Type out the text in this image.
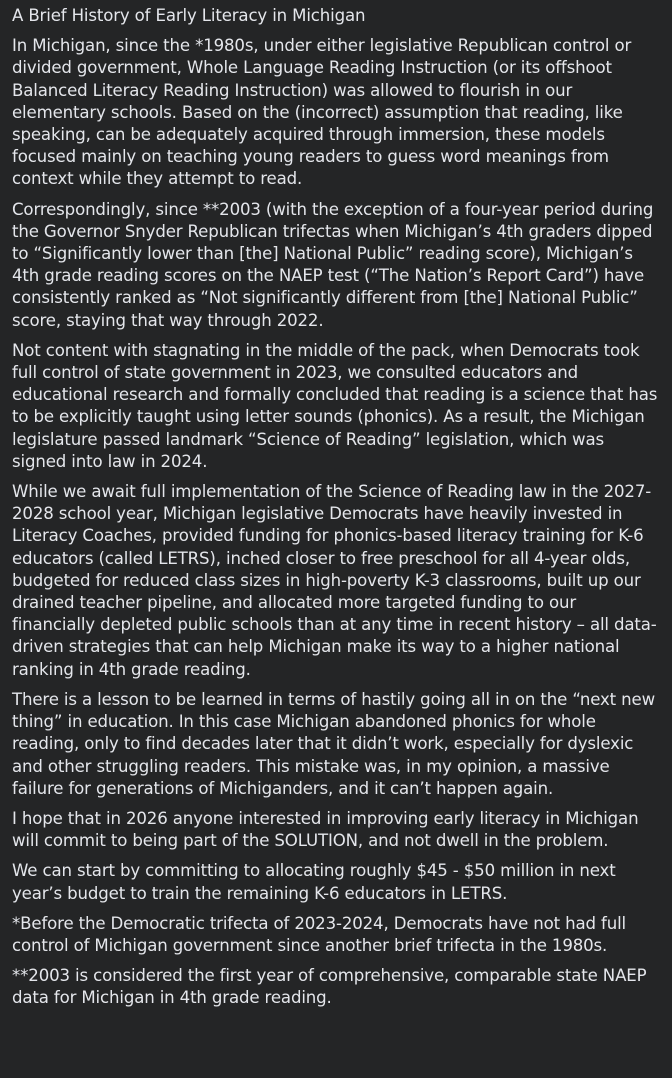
A Brief History of Early Literacy in Michigan
In Michigan, since the *1980s, under either legislative Republican control or divided government, Whole Language Reading Instruction (or its offshoot Balanced Literacy Reading Instruction) was allowed to flourish in our elementary schools. Based on the (incorrect) assumption that reading, like speaking, can be adequately acquired through immersion, these models focused mainly on teaching young readers to guess word meanings from context while they attempt to read.
Correspondingly, since **2003 (with the exception of a four-year period during the Governor Snyder Republican trifectas when Michigan’s 4th graders dipped to “Significantly lower than [the] National Public” reading score), Michigan’s 4th grade reading scores on the NAEP test (“The Nation’s Report Card”) have consistently ranked as “Not significantly different from [the] National Public” score, staying that way through 2022.
Not content with stagnating in the middle of the pack, when Democrats took full control of state government in 2023, we consulted educators and educational research and formally concluded that reading is a science that has to be explicitly taught using letter sounds (phonics). As a result, the Michigan legislature passed landmark “Science of Reading” legislation, which was signed into law in 2024.
While we await full implementation of the Science of Reading law in the 2027-2028 school year, Michigan legislative Democrats have heavily invested in Literacy Coaches, provided funding for phonics-based literacy training for K-6 educators (called LETRS), inched closer to free preschool for all 4-year olds, budgeted for reduced class sizes in high-poverty K-3 classrooms, built up our drained teacher pipeline, and allocated more targeted funding to our financially depleted public schools than at any time in recent history – all data-driven strategies that can help Michigan make its way to a higher national ranking in 4th grade reading.
There is a lesson to be learned in terms of hastily going all in on the “next new thing” in education. In this case Michigan abandoned phonics for whole reading, only to find decades later that it didn’t work, especially for dyslexic and other struggling readers. This mistake was, in my opinion, a massive failure for generations of Michiganders, and it can’t happen again.
I hope that in 2026 anyone interested in improving early literacy in Michigan will commit to being part of the SOLUTION, and not dwell in the problem.
We can start by committing to allocating roughly $45 - $50 million in next year’s budget to train the remaining K-6 educators in LETRS.
*Before the Democratic trifecta of 2023-2024, Democrats have not had full control of Michigan government since another brief trifecta in the 1980s.
**2003 is considered the first year of comprehensive, comparable state NAEP data for Michigan in 4th grade reading.
